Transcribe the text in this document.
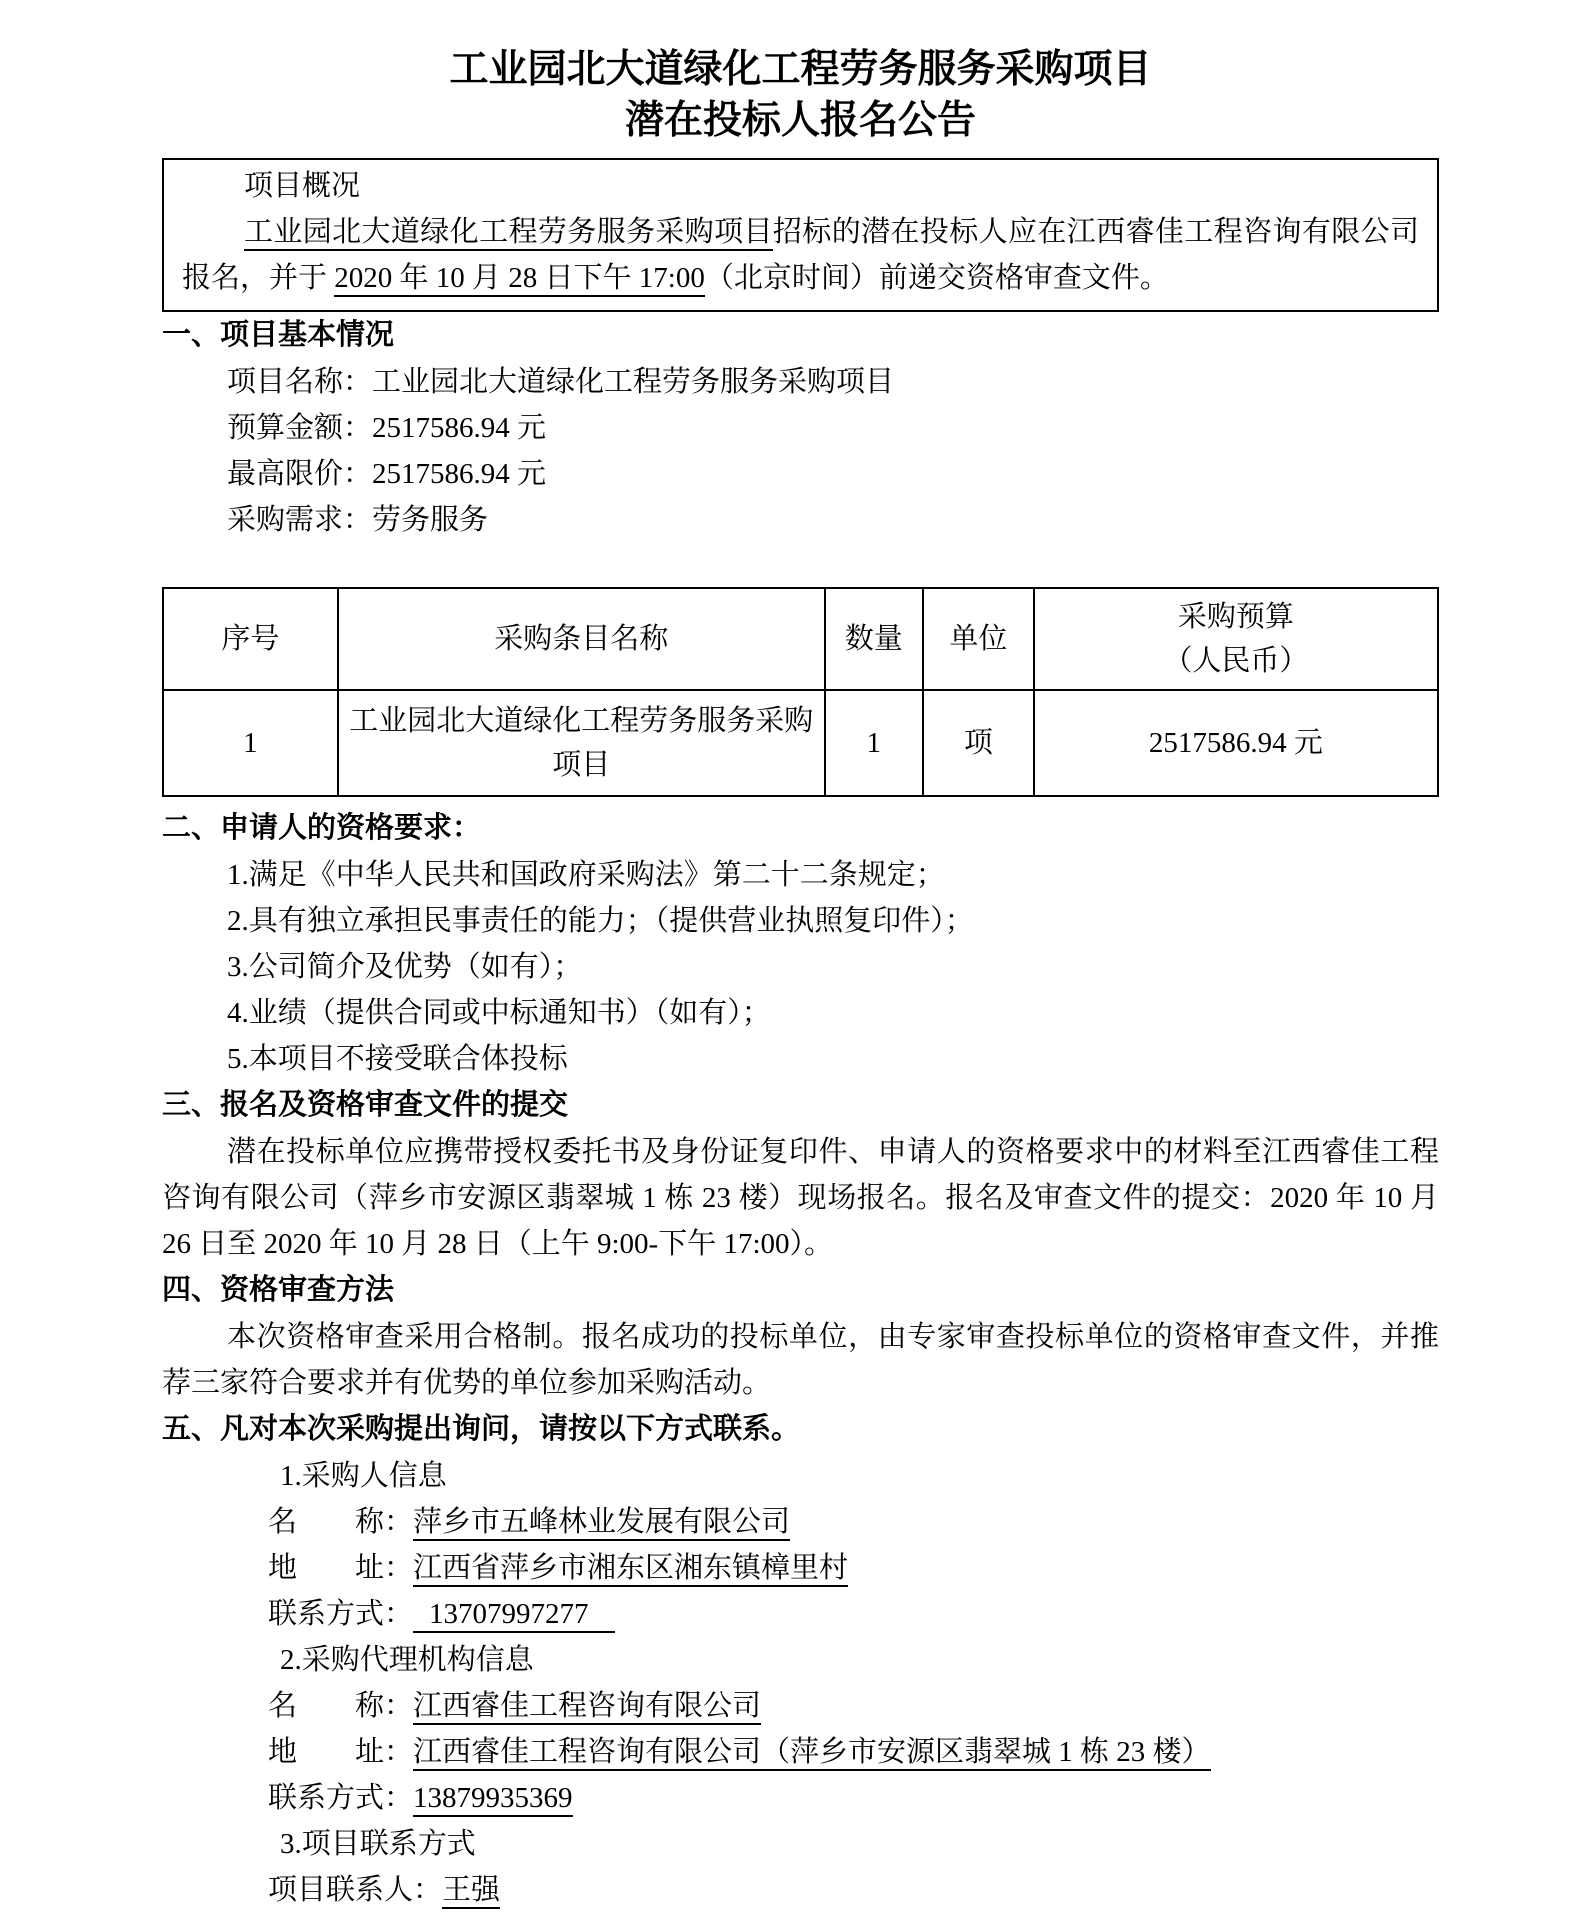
工业园北大道绿化工程劳务服务采购项目
潜在投标人报名公告

项目概况

工业园北大道绿化工程劳务服务采购项目招标的潜在投标人应在江西睿佳工程咨询有限公司报名，并于 2020 年 10 月 28 日下午 17:00（北京时间）前递交资格审查文件。

一、项目基本情况

项目名称：工业园北大道绿化工程劳务服务采购项目

预算金额：2517586.94 元

最高限价：2517586.94 元

采购需求：劳务服务

序号	采购条目名称	数量	单位	采购预算
（人民币）

1	工业园北大道绿化工程劳务服务采购项目	1	项	2517586.94 元
二、申请人的资格要求：

1.满足《中华人民共和国政府采购法》第二十二条规定；

2.具有独立承担民事责任的能力；（提供营业执照复印件）；

3.公司简介及优势（如有）；

4.业绩（提供合同或中标通知书）（如有）；

5.本项目不接受联合体投标

三、报名及资格审查文件的提交

潜在投标单位应携带授权委托书及身份证复印件、申请人的资格要求中的材料至江西睿佳工程咨询有限公司（萍乡市安源区翡翠城 1 栋 23 楼）现场报名。报名及审查文件的提交：2020 年 10 月 26 日至 2020 年 10 月 28 日（上午 9:00-下午 17:00）。

四、资格审查方法

本次资格审查采用合格制。报名成功的投标单位，由专家审查投标单位的资格审查文件，并推荐三家符合要求并有优势的单位参加采购活动。

五、凡对本次采购提出询问，请按以下方式联系。

1.采购人信息

名　　称：萍乡市五峰林业发展有限公司

地　　址：江西省萍乡市湘东区湘东镇樟里村

联系方式： 13707997277

2.采购代理机构信息

名　　称：江西睿佳工程咨询有限公司

地　　址：江西睿佳工程咨询有限公司（萍乡市安源区翡翠城 1 栋 23 楼）

联系方式：13879935369

3.项目联系方式

项目联系人：王强
